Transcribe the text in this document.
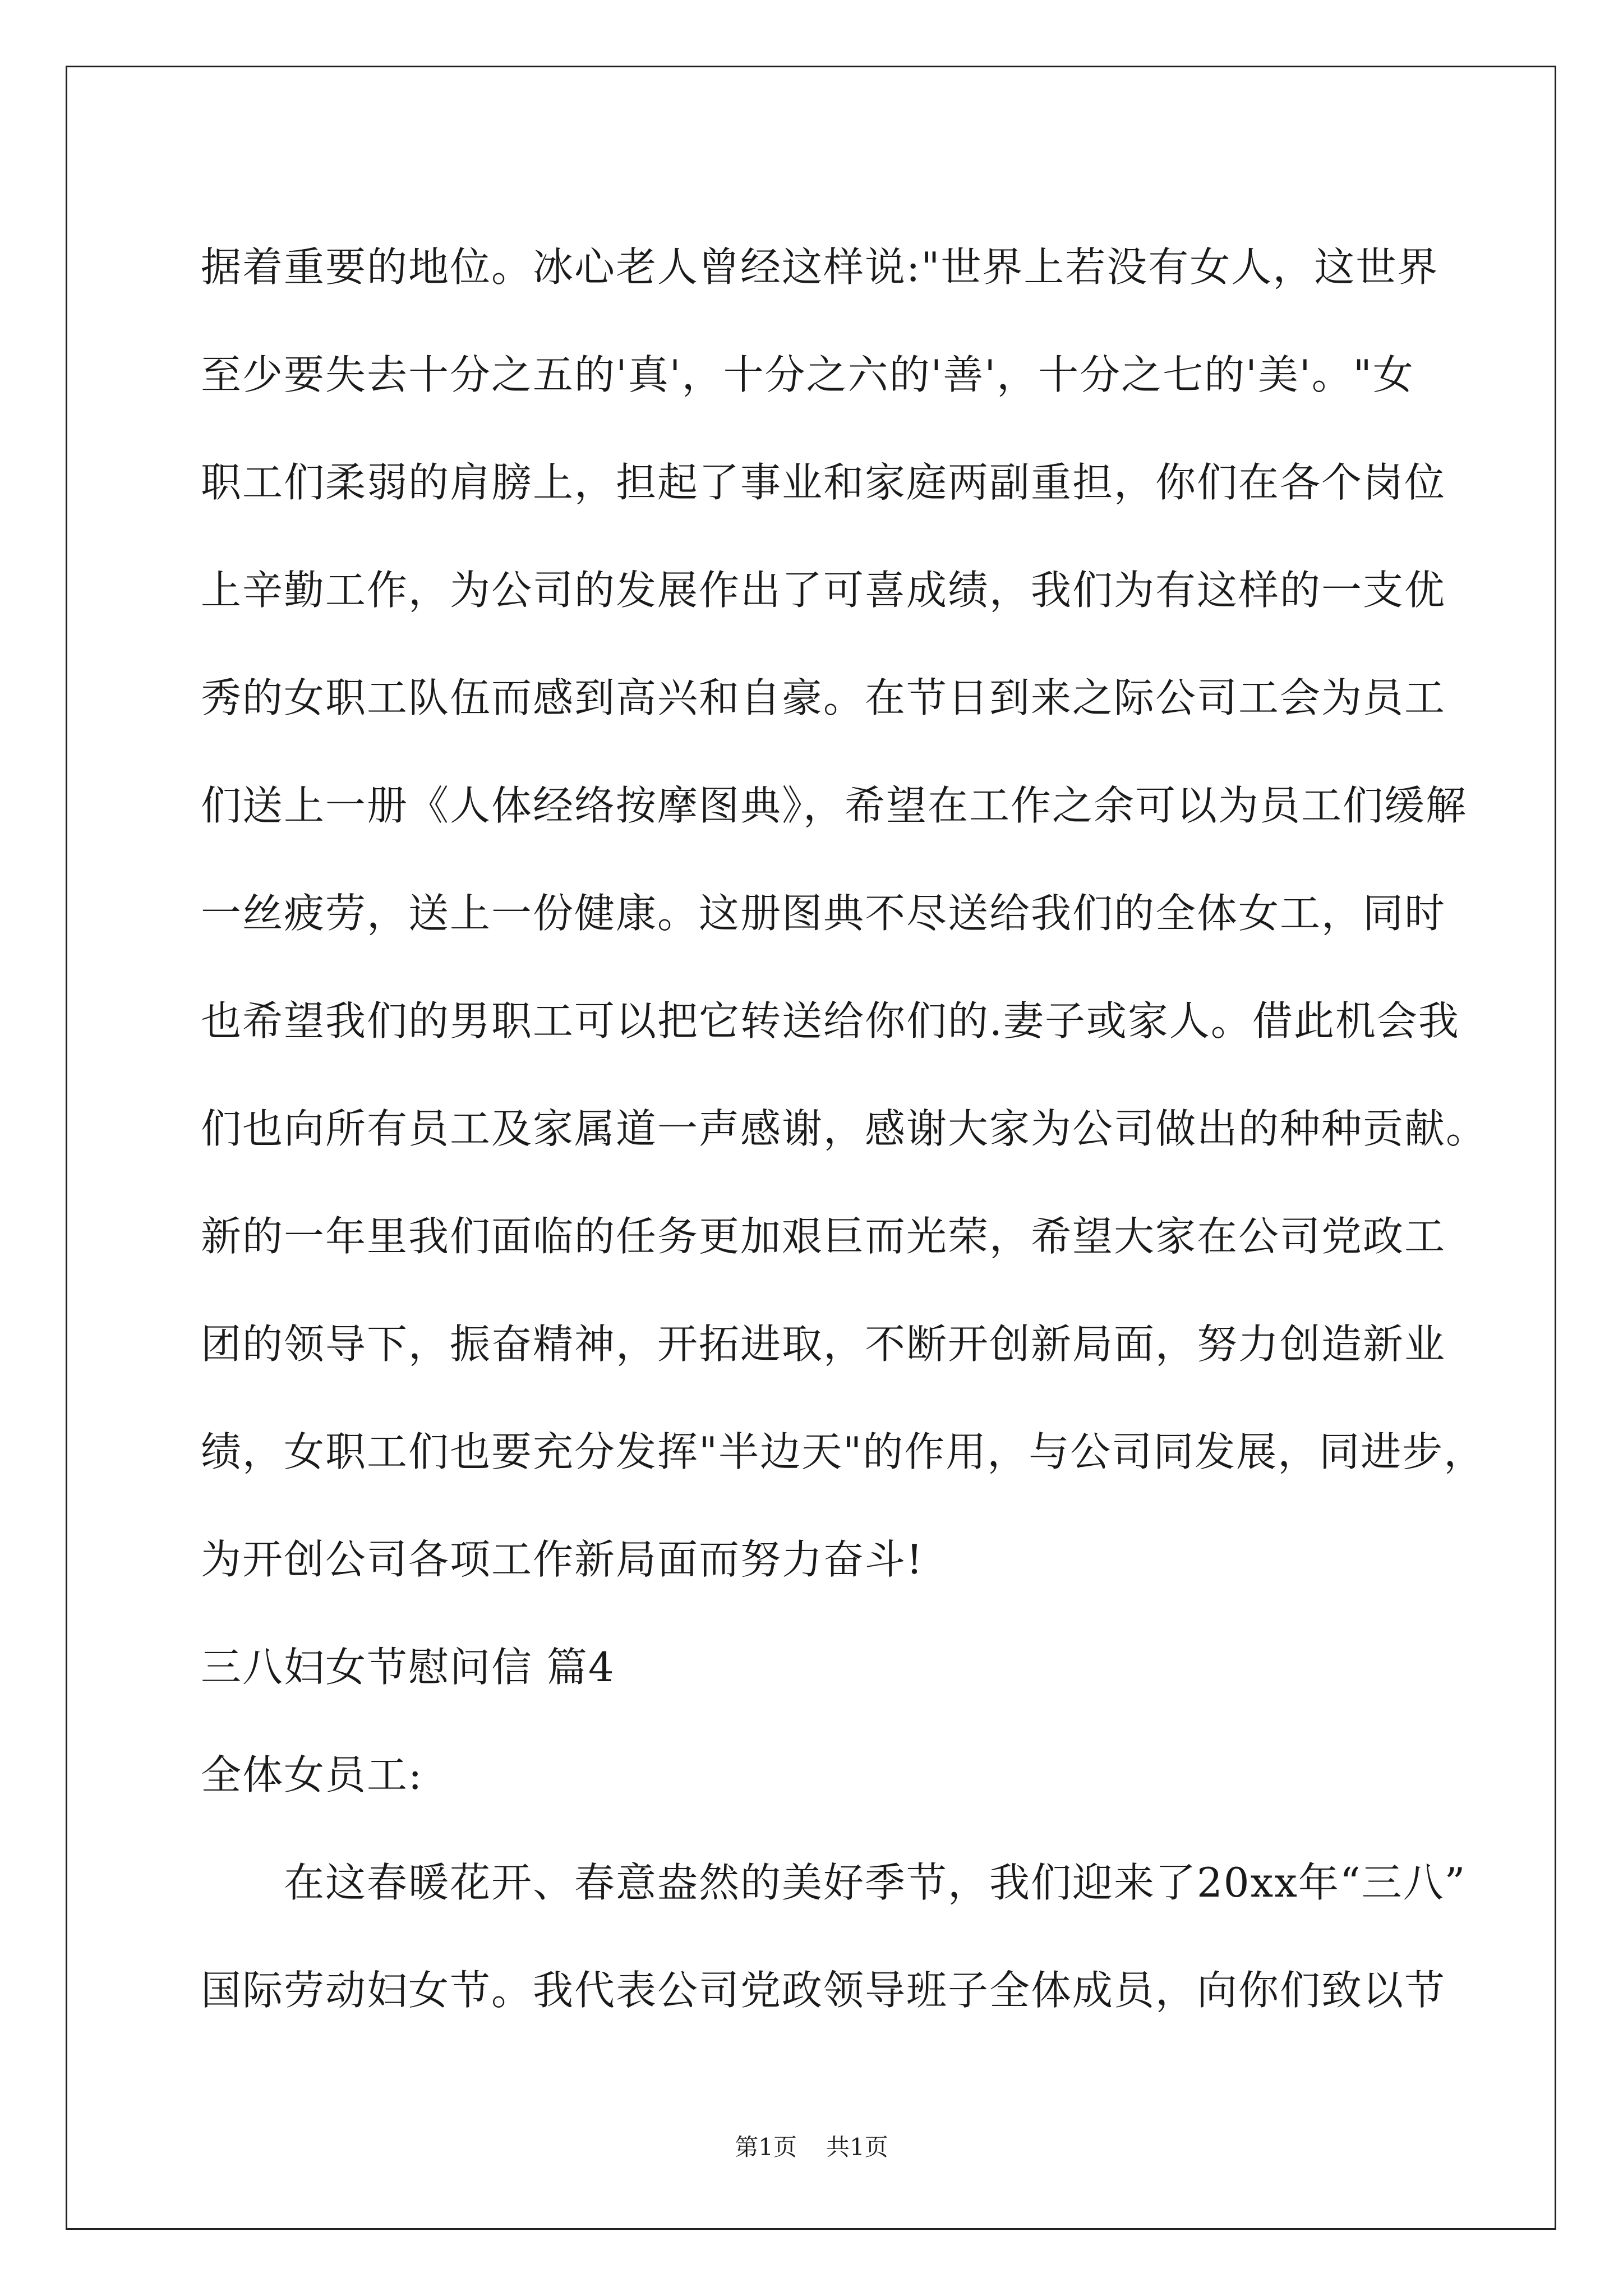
据着重要的地位。冰心老人曾经这样说:"世界上若没有女人，这世界
至少要失去十分之五的'真'，十分之六的'善'，十分之七的'美'。"女
职工们柔弱的肩膀上，担起了事业和家庭两副重担，你们在各个岗位
上辛勤工作，为公司的发展作出了可喜成绩，我们为有这样的一支优
秀的女职工队伍而感到高兴和自豪。在节日到来之际公司工会为员工
们送上一册《人体经络按摩图典》，希望在工作之余可以为员工们缓解
一丝疲劳，送上一份健康。这册图典不尽送给我们的全体女工，同时
也希望我们的男职工可以把它转送给你们的.妻子或家人。借此机会我
们也向所有员工及家属道一声感谢，感谢大家为公司做出的种种贡献。
新的一年里我们面临的任务更加艰巨而光荣，希望大家在公司党政工
团的领导下，振奋精神，开拓进取，不断开创新局面，努力创造新业
绩，女职工们也要充分发挥"半边天"的作用，与公司同发展，同进步，
为开创公司各项工作新局面而努力奋斗!
三八妇女节慰问信 篇4
全体女员工:
在这春暖花开、春意盎然的美好季节，我们迎来了20xx年“三八”
国际劳动妇女节。我代表公司党政领导班子全体成员，向你们致以节
第1页 共1页
